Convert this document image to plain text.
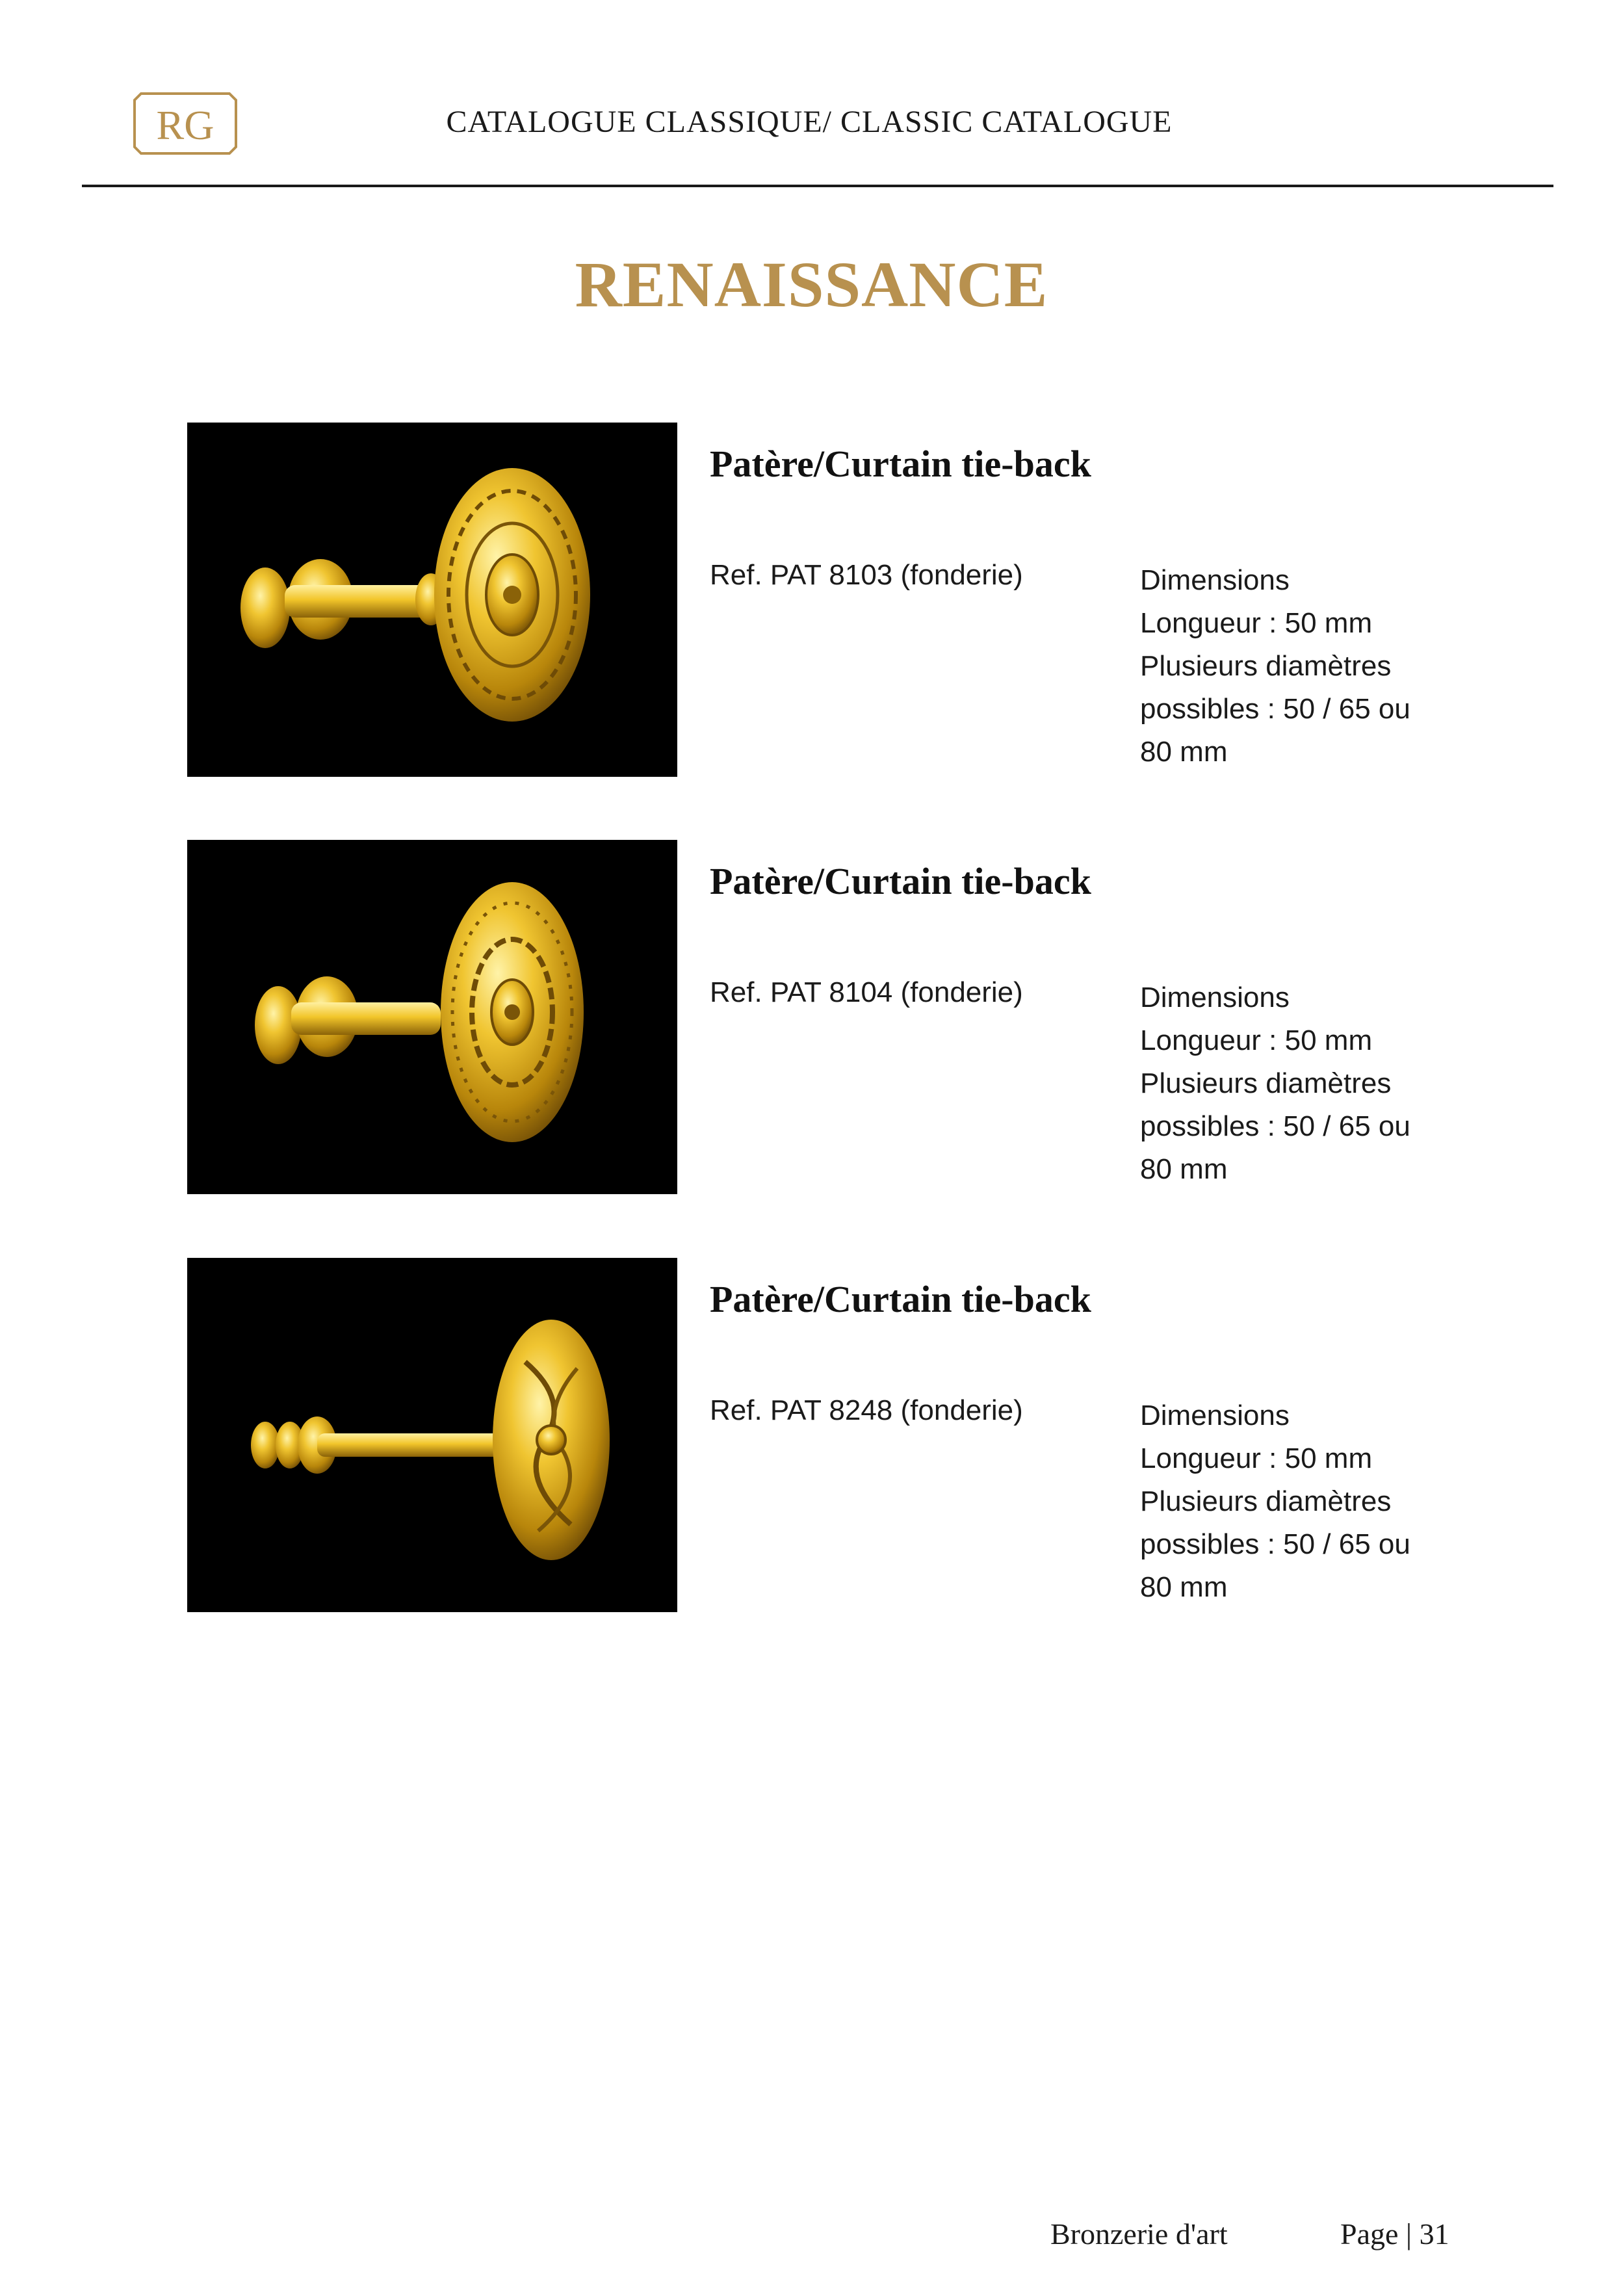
RG	CATALOGUE CLASSIQUE/ CLASSIC CATALOGUE
RENAISSANCE
Patère/Curtain tie-back
Ref. PAT 8103 (fonderie)	Dimensions
Longueur : 50 mm
Plusieurs diamètres
possibles : 50 / 65 ou
80 mm
Patère/Curtain tie-back
Ref. PAT 8104 (fonderie)	Dimensions
Longueur : 50 mm
Plusieurs diamètres
possibles : 50 / 65 ou
80 mm
Patère/Curtain tie-back
Ref. PAT 8248 (fonderie)	Dimensions
Longueur : 50 mm
Plusieurs diamètres
possibles : 50 / 65 ou
80 mm
Bronzerie d'art	Page | 31
